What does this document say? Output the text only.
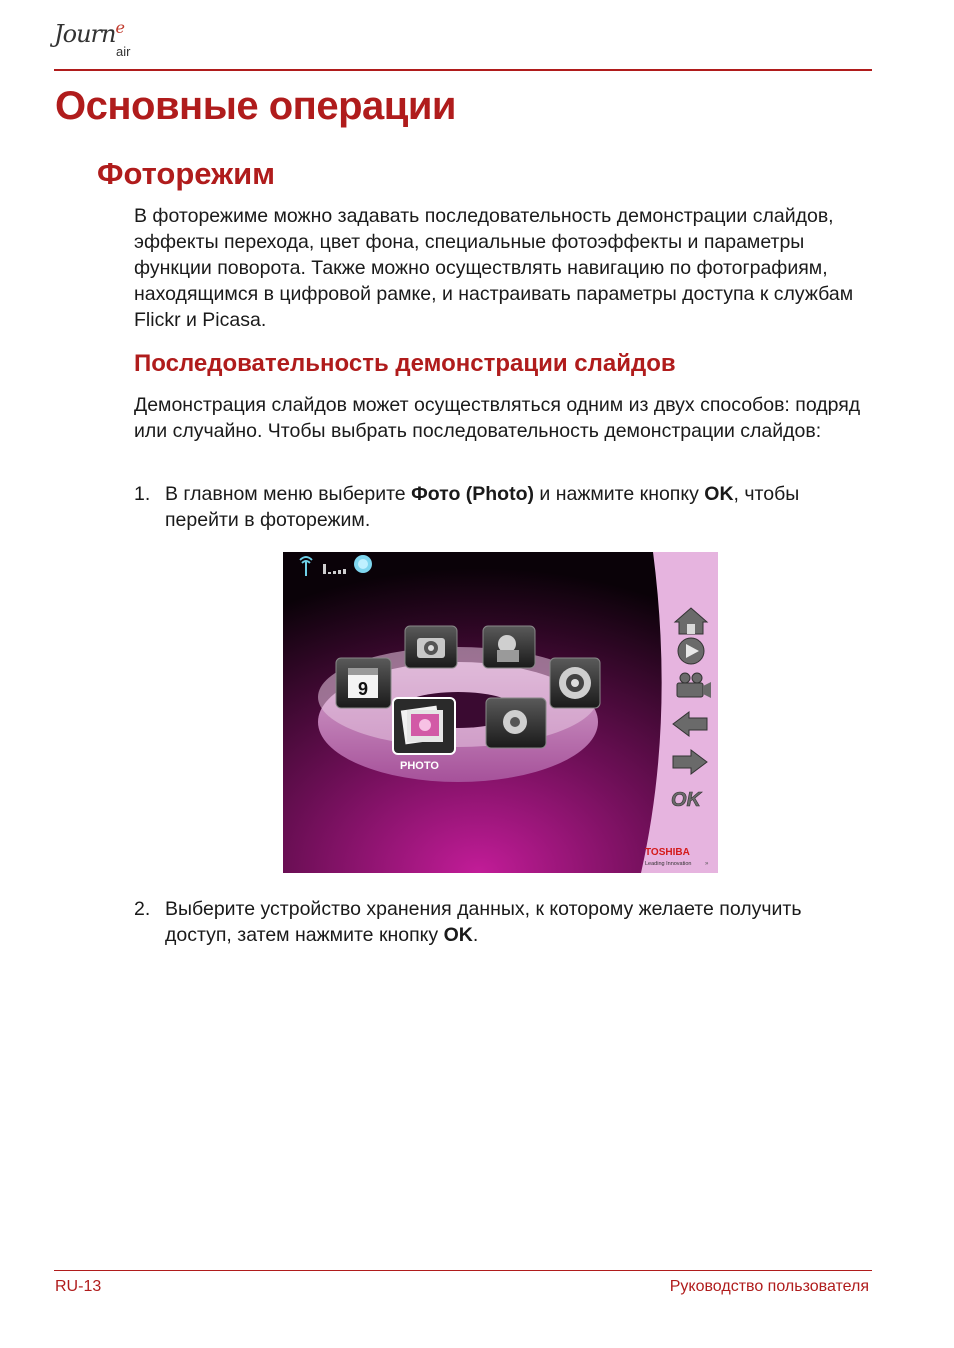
Journ$^e$
air
Основные операции
Фоторежим

В фоторежиме можно задавать последовательность демонстрации слайдов, эффекты перехода, цвет фона, специальные фотоэффекты и параметры функции поворота. Также можно осуществлять навигацию по фотографиям, находящимся в цифровой рамке, и настраивать параметры доступа к службам Flickr и Picasa.

Последовательность демонстрации слайдов

Демонстрация слайдов может осуществляться одним из двух способов: подряд или случайно. Чтобы выбрать последовательность демонстрации слайдов:

1. В главном меню выберите Фото (Photo) и нажмите кнопку OK, чтобы перейти в фоторежим.
9
PHOTO
OK
TOSHIBA
Leading Innovation »
2. Выберите устройство хранения данных, к которому желаете получить доступ, затем нажмите кнопку OK.
RU-13	Руководство пользователя
